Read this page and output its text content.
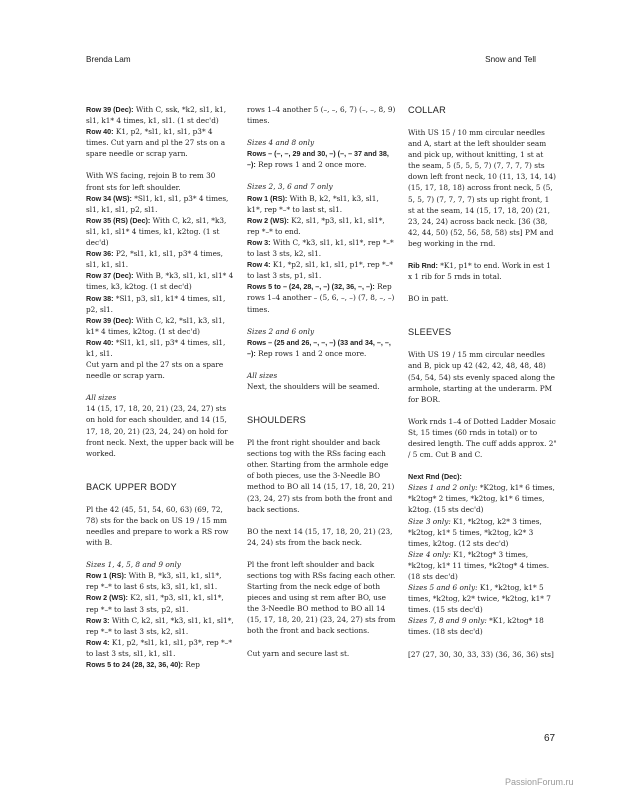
Brenda Lam	Snow and Tell

Row 39 (Dec): With C, ssk, *k2, sl1, k1, sl1, k1* 4 times, k1, sl1. (1 st dec'd)

Row 40: K1, p2, *sl1, k1, sl1, p3* 4 times. Cut yarn and pl the 27 sts on a spare needle or scrap yarn.

With WS facing, rejoin B to rem 30 front sts for left shoulder.

Row 34 (WS): *Sl1, k1, sl1, p3* 4 times, sl1, k1, sl1, p2, sl1.

Row 35 (RS) (Dec): With C, k2, sl1, *k3, sl1, k1, sl1* 4 times, k1, k2tog. (1 st dec'd)

Row 36: P2, *sl1, k1, sl1, p3* 4 times, sl1, k1, sl1.

Row 37 (Dec): With B, *k3, sl1, k1, sl1* 4 times, k3, k2tog. (1 st dec'd)

Row 38: *Sl1, p3, sl1, k1* 4 times, sl1, p2, sl1.

Row 39 (Dec): With C, k2, *sl1, k3, sl1, k1* 4 times, k2tog. (1 st dec'd)

Row 40: *Sl1, k1, sl1, p3* 4 times, sl1, k1, sl1.

Cut yarn and pl the 27 sts on a spare needle or scrap yarn.

All sizes

14 (15, 17, 18, 20, 21) (23, 24, 27) sts on hold for each shoulder, and 14 (15, 17, 18, 20, 21) (23, 24, 24) on hold for front neck. Next, the upper back will be worked.

BACK UPPER BODY

Pl the 42 (45, 51, 54, 60, 63) (69, 72, 78) sts for the back on US 19 / 15 mm needles and prepare to work a RS row with B.

Sizes 1, 4, 5, 8 and 9 only

Row 1 (RS): With B, *k3, sl1, k1, sl1*, rep *–* to last 6 sts, k3, sl1, k1, sl1.

Row 2 (WS): K2, sl1, *p3, sl1, k1, sl1*, rep *–* to last 3 sts, p2, sl1.

Row 3: With C, k2, sl1, *k3, sl1, k1, sl1*, rep *–* to last 3 sts, k2, sl1.

Row 4: K1, p2, *sl1, k1, sl1, p3*, rep *–* to last 3 sts, sl1, k1, sl1.

Rows 5 to 24 (28, 32, 36, 40): Rep

rows 1–4 another 5 (–, –, 6, 7) (–, –, 8, 9) times.

Sizes 4 and 8 only

Rows – (–, –, 29 and 30, –) (–, – 37 and 38, –): Rep rows 1 and 2 once more.

Sizes 2, 3, 6 and 7 only

Row 1 (RS): With B, k2, *sl1, k3, sl1, k1*, rep *–* to last st, sl1.

Row 2 (WS): K2, sl1, *p3, sl1, k1, sl1*, rep *–* to end.

Row 3: With C, *k3, sl1, k1, sl1*, rep *–* to last 3 sts, k2, sl1.

Row 4: K1, *p2, sl1, k1, sl1, p1*, rep *–* to last 3 sts, p1, sl1.

Rows 5 to – (24, 28, –, –) (32, 36, –, –): Rep rows 1–4 another – (5, 6, –, –) (7, 8, –, –) times.

Sizes 2 and 6 only

Rows – (25 and 26, –, –, –) (33 and 34, –, –, –): Rep rows 1 and 2 once more.

All sizes

Next, the shoulders will be seamed.

SHOULDERS

Pl the front right shoulder and back sections tog with the RSs facing each other. Starting from the armhole edge of both pieces, use the 3-Needle BO method to BO all 14 (15, 17, 18, 20, 21) (23, 24, 27) sts from both the front and back sections.

BO the next 14 (15, 17, 18, 20, 21) (23, 24, 24) sts from the back neck.

Pl the front left shoulder and back sections tog with RSs facing each other. Starting from the neck edge of both pieces and using st rem after BO, use the 3-Needle BO method to BO all 14 (15, 17, 18, 20, 21) (23, 24, 27) sts from both the front and back sections.

Cut yarn and secure last st.

COLLAR

With US 15 / 10 mm circular needles and A, start at the left shoulder seam and pick up, without knitting, 1 st at the seam, 5 (5, 5, 5, 7) (7, 7, 7, 7) sts down left front neck, 10 (11, 13, 14, 14) (15, 17, 18, 18) across front neck, 5 (5, 5, 5, 7) (7, 7, 7, 7) sts up right front, 1 st at the seam, 14 (15, 17, 18, 20) (21, 23, 24, 24) across back neck. [36 (38, 42, 44, 50) (52, 56, 58, 58) sts] PM and beg working in the rnd.

Rib Rnd: *K1, p1* to end. Work in est 1 x 1 rib for 5 rnds in total.

BO in patt.

SLEEVES

With US 19 / 15 mm circular needles and B, pick up 42 (42, 42, 48, 48, 48) (54, 54, 54) sts evenly spaced along the armhole, starting at the underarm. PM for BOR.

Work rnds 1–4 of Dotted Ladder Mosaic St, 15 times (60 rnds in total) or to desired length. The cuff adds approx. 2" / 5 cm. Cut B and C.

Next Rnd (Dec):

Sizes 1 and 2 only: *K2tog, k1* 6 times, *k2tog* 2 times, *k2tog, k1* 6 times, k2tog. (15 sts dec'd)

Size 3 only: K1, *k2tog, k2* 3 times, *k2tog, k1* 5 times, *k2tog, k2* 3 times, k2tog. (12 sts dec'd)

Size 4 only: K1, *k2tog* 3 times, *k2tog, k1* 11 times, *k2tog* 4 times. (18 sts dec'd)

Sizes 5 and 6 only: K1, *k2tog, k1* 5 times, *k2tog, k2* twice, *k2tog, k1* 7 times. (15 sts dec'd)

Sizes 7, 8 and 9 only: *K1, k2tog* 18 times. (18 sts dec'd)

[27 (27, 30, 30, 33, 33) (36, 36, 36) sts]

67
PassionForum.ru
